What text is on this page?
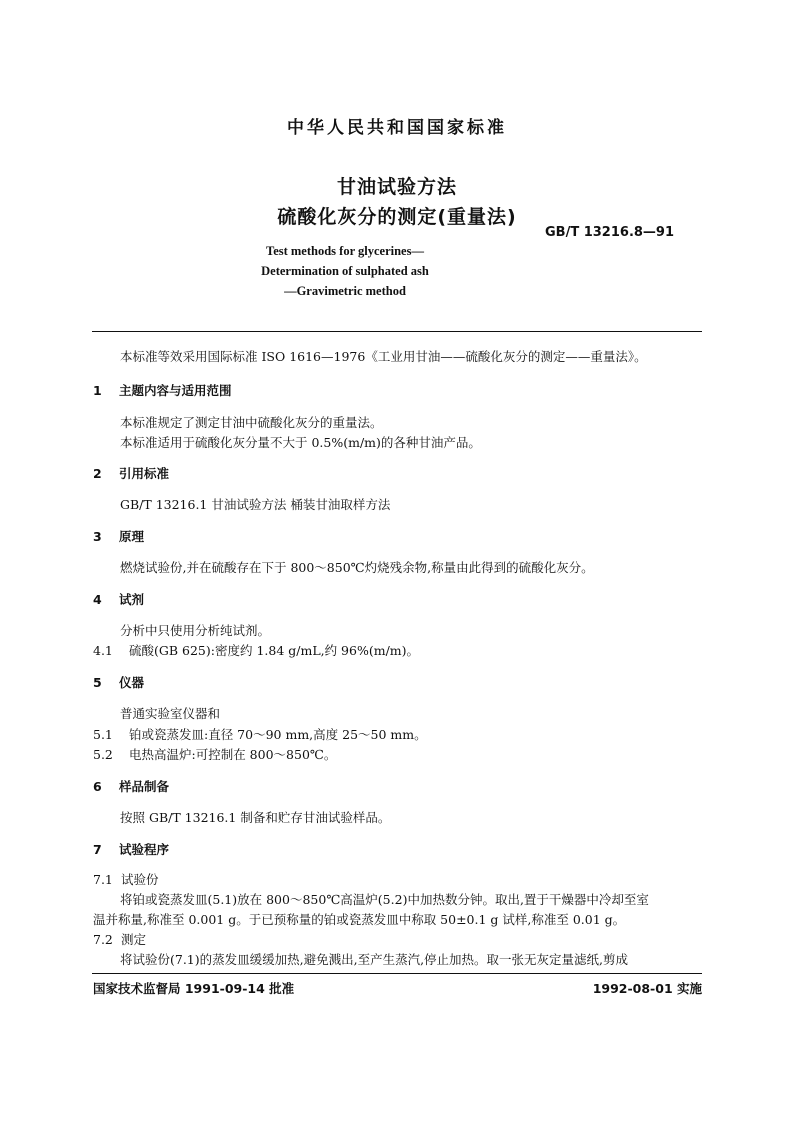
中华人民共和国国家标准
甘油试验方法
硫酸化灰分的测定(重量法)
GB/T 13216.8—91
Test methods for glycerines—
Determination of sulphated ash
—Gravimetric method
本标准等效采用国际标准 ISO 1616—1976《工业用甘油——硫酸化灰分的测定——重量法》。
1 主题内容与适用范围
本标准规定了测定甘油中硫酸化灰分的重量法。
本标准适用于硫酸化灰分量不大于 0.5%(m/m)的各种甘油产品。
2 引用标准
GB/T 13216.1 甘油试验方法 桶装甘油取样方法
3 原理
燃烧试验份,并在硫酸存在下于 800～850℃灼烧残余物,称量由此得到的硫酸化灰分。
4 试剂
分析中只使用分析纯试剂。
4.1 硫酸(GB 625):密度约 1.84 g/mL,约 96%(m/m)。
5 仪器
普通实验室仪器和
5.1 铂或瓷蒸发皿:直径 70～90 mm,高度 25～50 mm。
5.2 电热高温炉:可控制在 800～850℃。
6 样品制备
按照 GB/T 13216.1 制备和贮存甘油试验样品。
7 试验程序
7.1 试验份
将铂或瓷蒸发皿(5.1)放在 800～850℃高温炉(5.2)中加热数分钟。取出,置于干燥器中冷却至室
温并称量,称准至 0.001 g。于已预称量的铂或瓷蒸发皿中称取 50±0.1 g 试样,称准至 0.01 g。
7.2 测定
将试验份(7.1)的蒸发皿缓缓加热,避免溅出,至产生蒸汽,停止加热。取一张无灰定量滤纸,剪成
国家技术监督局 1991-09-14 批准	1992-08-01 实施
